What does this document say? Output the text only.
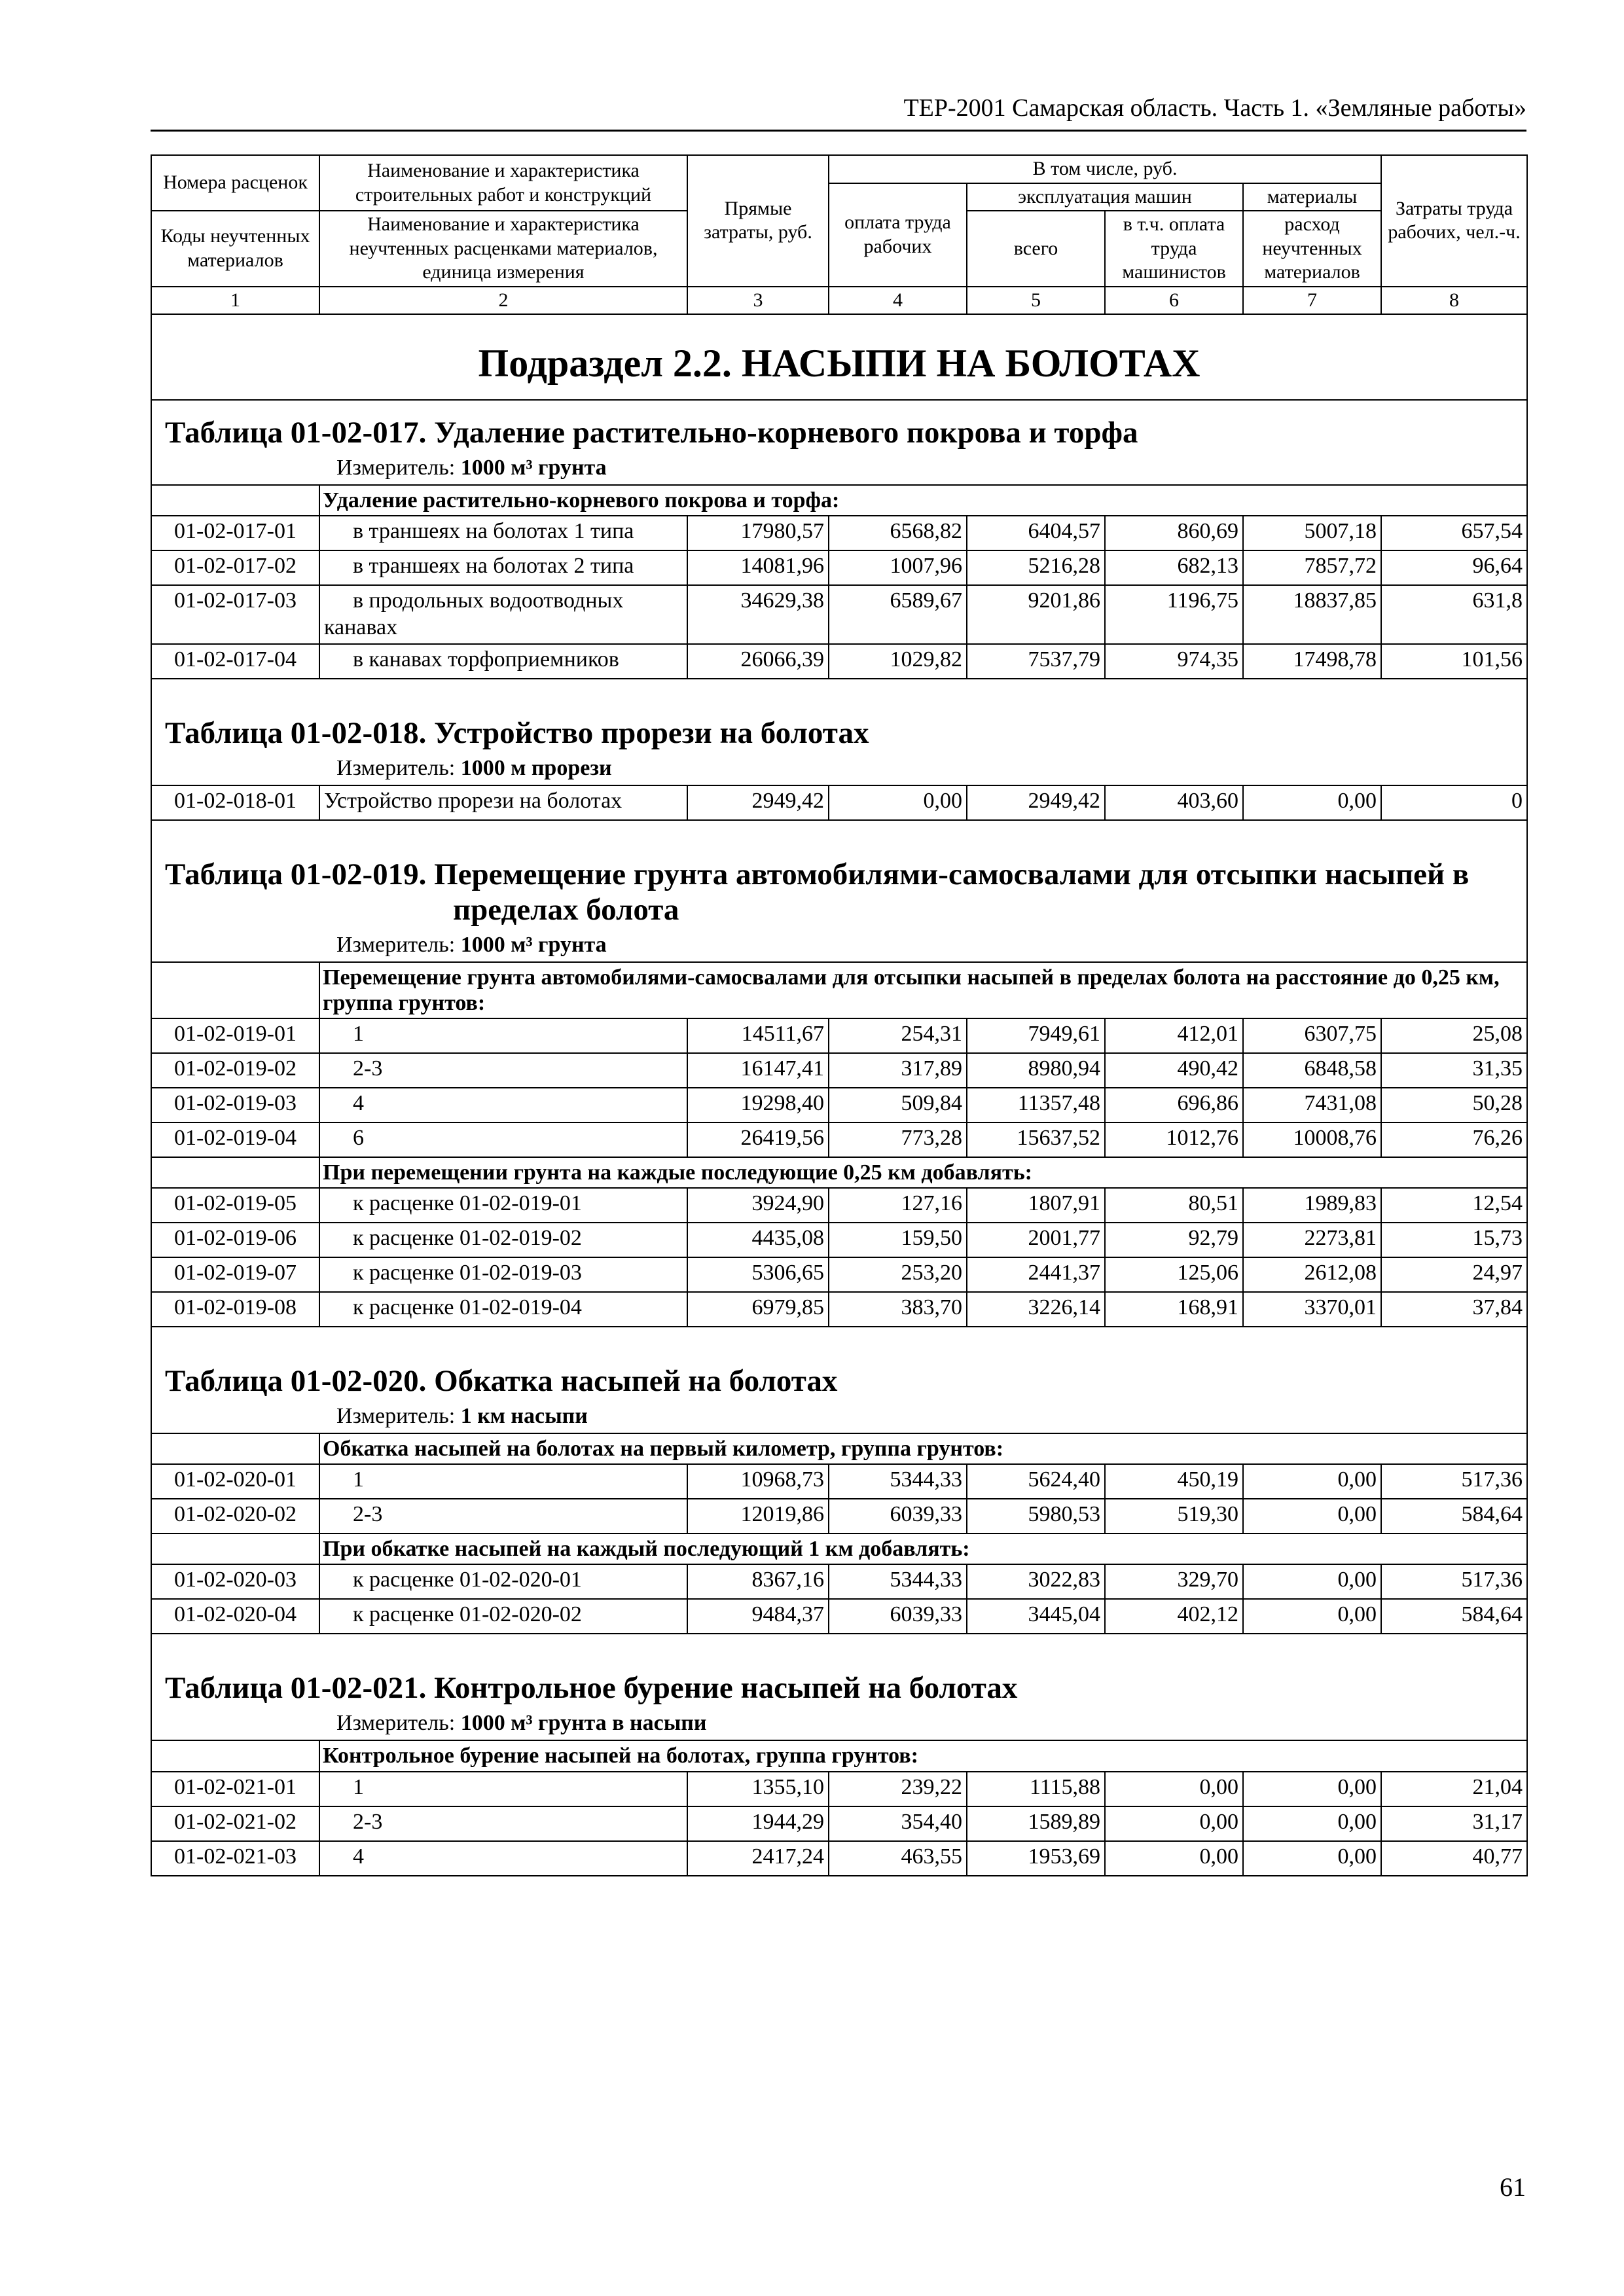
ТЕР-2001 Самарская область. Часть 1. «Земляные работы»
Номера расценок	Наименование и характеристика строительных работ и конструкций	Прямые затраты, руб.	В том числе, руб.				Затраты труда рабочих, чел.-ч.
			оплата труда рабочих	эксплуатация машин		материалы	
Коды неучтенных материалов	Наименование и характеристика неучтенных расценками материалов, единица измерения			всего	в т.ч. оплата труда машинистов	расход неучтенных материалов	

1	2	3	4	5	6	7	8
Подраздел 2.2. НАСЫПИ НА БОЛОТАХ							

Таблица 01-02-017. Удаление растительно-корневого покрова и торфа							

Измеритель: 1000 м³ грунта							
	Удаление растительно-корневого покрова и торфа:						
01-02-017-01	в траншеях на болотах 1 типа	17980,57	6568,82	6404,57	860,69	5007,18	657,54
01-02-017-02	в траншеях на болотах 2 типа	14081,96	1007,96	5216,28	682,13	7857,72	96,64
01-02-017-03	в продольных водоотводных
канавах	34629,38	6589,67	9201,86	1196,75	18837,85	631,8
01-02-017-04	в канавах торфоприемников	26066,39	1029,82	7537,79	974,35	17498,78	101,56

Таблица 01-02-018. Устройство прорези на болотах							

Измеритель: 1000 м прорези							
01-02-018-01	Устройство прорези на болотах	2949,42	0,00	2949,42	403,60	0,00	0

Таблица 01-02-019. Перемещение грунта автомобилями-самосвалами для отсыпки насыпей в пределах болота							

Измеритель: 1000 м³ грунта							
	Перемещение грунта автомобилями-самосвалами для отсыпки насыпей в пределах болота на расстояние до 0,25 км, группа грунтов:						
01-02-019-01	1	14511,67	254,31	7949,61	412,01	6307,75	25,08
01-02-019-02	2-3	16147,41	317,89	8980,94	490,42	6848,58	31,35
01-02-019-03	4	19298,40	509,84	11357,48	696,86	7431,08	50,28
01-02-019-04	6	26419,56	773,28	15637,52	1012,76	10008,76	76,26
	При перемещении грунта на каждые последующие 0,25 км добавлять:						
01-02-019-05	к расценке 01-02-019-01	3924,90	127,16	1807,91	80,51	1989,83	12,54
01-02-019-06	к расценке 01-02-019-02	4435,08	159,50	2001,77	92,79	2273,81	15,73
01-02-019-07	к расценке 01-02-019-03	5306,65	253,20	2441,37	125,06	2612,08	24,97
01-02-019-08	к расценке 01-02-019-04	6979,85	383,70	3226,14	168,91	3370,01	37,84

Таблица 01-02-020. Обкатка насыпей на болотах							

Измеритель: 1 км насыпи							
	Обкатка насыпей на болотах на первый километр, группа грунтов:						
01-02-020-01	1	10968,73	5344,33	5624,40	450,19	0,00	517,36
01-02-020-02	2-3	12019,86	6039,33	5980,53	519,30	0,00	584,64
	При обкатке насыпей на каждый последующий 1 км добавлять:						
01-02-020-03	к расценке 01-02-020-01	8367,16	5344,33	3022,83	329,70	0,00	517,36
01-02-020-04	к расценке 01-02-020-02	9484,37	6039,33	3445,04	402,12	0,00	584,64

Таблица 01-02-021. Контрольное бурение насыпей на болотах							

Измеритель: 1000 м³ грунта в насыпи							
	Контрольное бурение насыпей на болотах, группа грунтов:						
01-02-021-01	1	1355,10	239,22	1115,88	0,00	0,00	21,04
01-02-021-02	2-3	1944,29	354,40	1589,89	0,00	0,00	31,17
01-02-021-03	4	2417,24	463,55	1953,69	0,00	0,00	40,77
61
